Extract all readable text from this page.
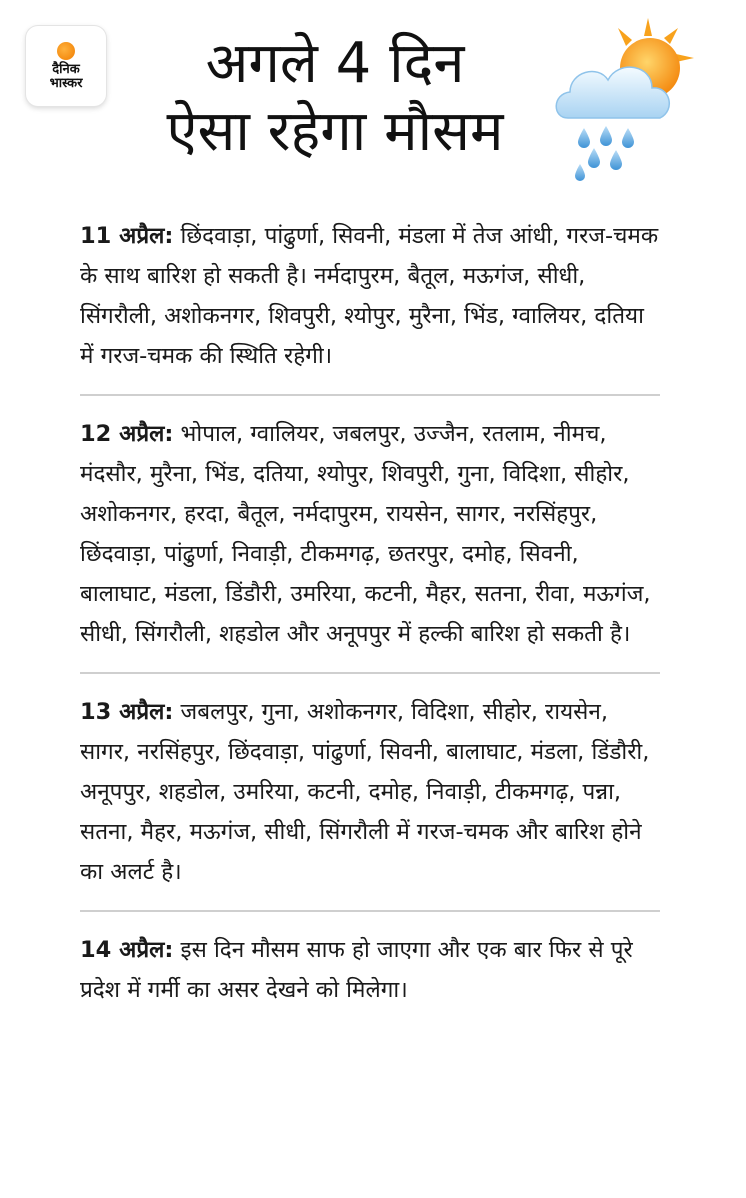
दैनिक
भास्कर	अगले 4 दिन
ऐसा रहेगा मौसम
11 अप्रैल: छिंदवाड़ा, पांढुर्णा, सिवनी, मंडला में तेज आंधी, गरज-चमक के साथ बारिश हो सकती है। नर्मदापुरम, बैतूल, मऊगंज, सीधी, सिंगरौली, अशोकनगर, शिवपुरी, श्योपुर, मुरैना, भिंड, ग्वालियर, दतिया में गरज-चमक की स्थिति रहेगी।
12 अप्रैल: भोपाल, ग्वालियर, जबलपुर, उज्जैन, रतलाम, नीमच, मंदसौर, मुरैना, भिंड, दतिया, श्योपुर, शिवपुरी, गुना, विदिशा, सीहोर, अशोकनगर, हरदा, बैतूल, नर्मदापुरम, रायसेन, सागर, नरसिंहपुर, छिंदवाड़ा, पांढुर्णा, निवाड़ी, टीकमगढ़, छतरपुर, दमोह, सिवनी, बालाघाट, मंडला, डिंडौरी, उमरिया, कटनी, मैहर, सतना, रीवा, मऊगंज, सीधी, सिंगरौली, शहडोल और अनूपपुर में हल्की बारिश हो सकती है।
13 अप्रैल: जबलपुर, गुना, अशोकनगर, विदिशा, सीहोर, रायसेन, सागर, नरसिंहपुर, छिंदवाड़ा, पांढुर्णा, सिवनी, बालाघाट, मंडला, डिंडौरी, अनूपपुर, शहडोल, उमरिया, कटनी, दमोह, निवाड़ी, टीकमगढ़, पन्ना, सतना, मैहर, मऊगंज, सीधी, सिंगरौली में गरज-चमक और बारिश होने का अलर्ट है।
14 अप्रैल: इस दिन मौसम साफ हो जाएगा और एक बार फिर से पूरे प्रदेश में गर्मी का असर देखने को मिलेगा।
